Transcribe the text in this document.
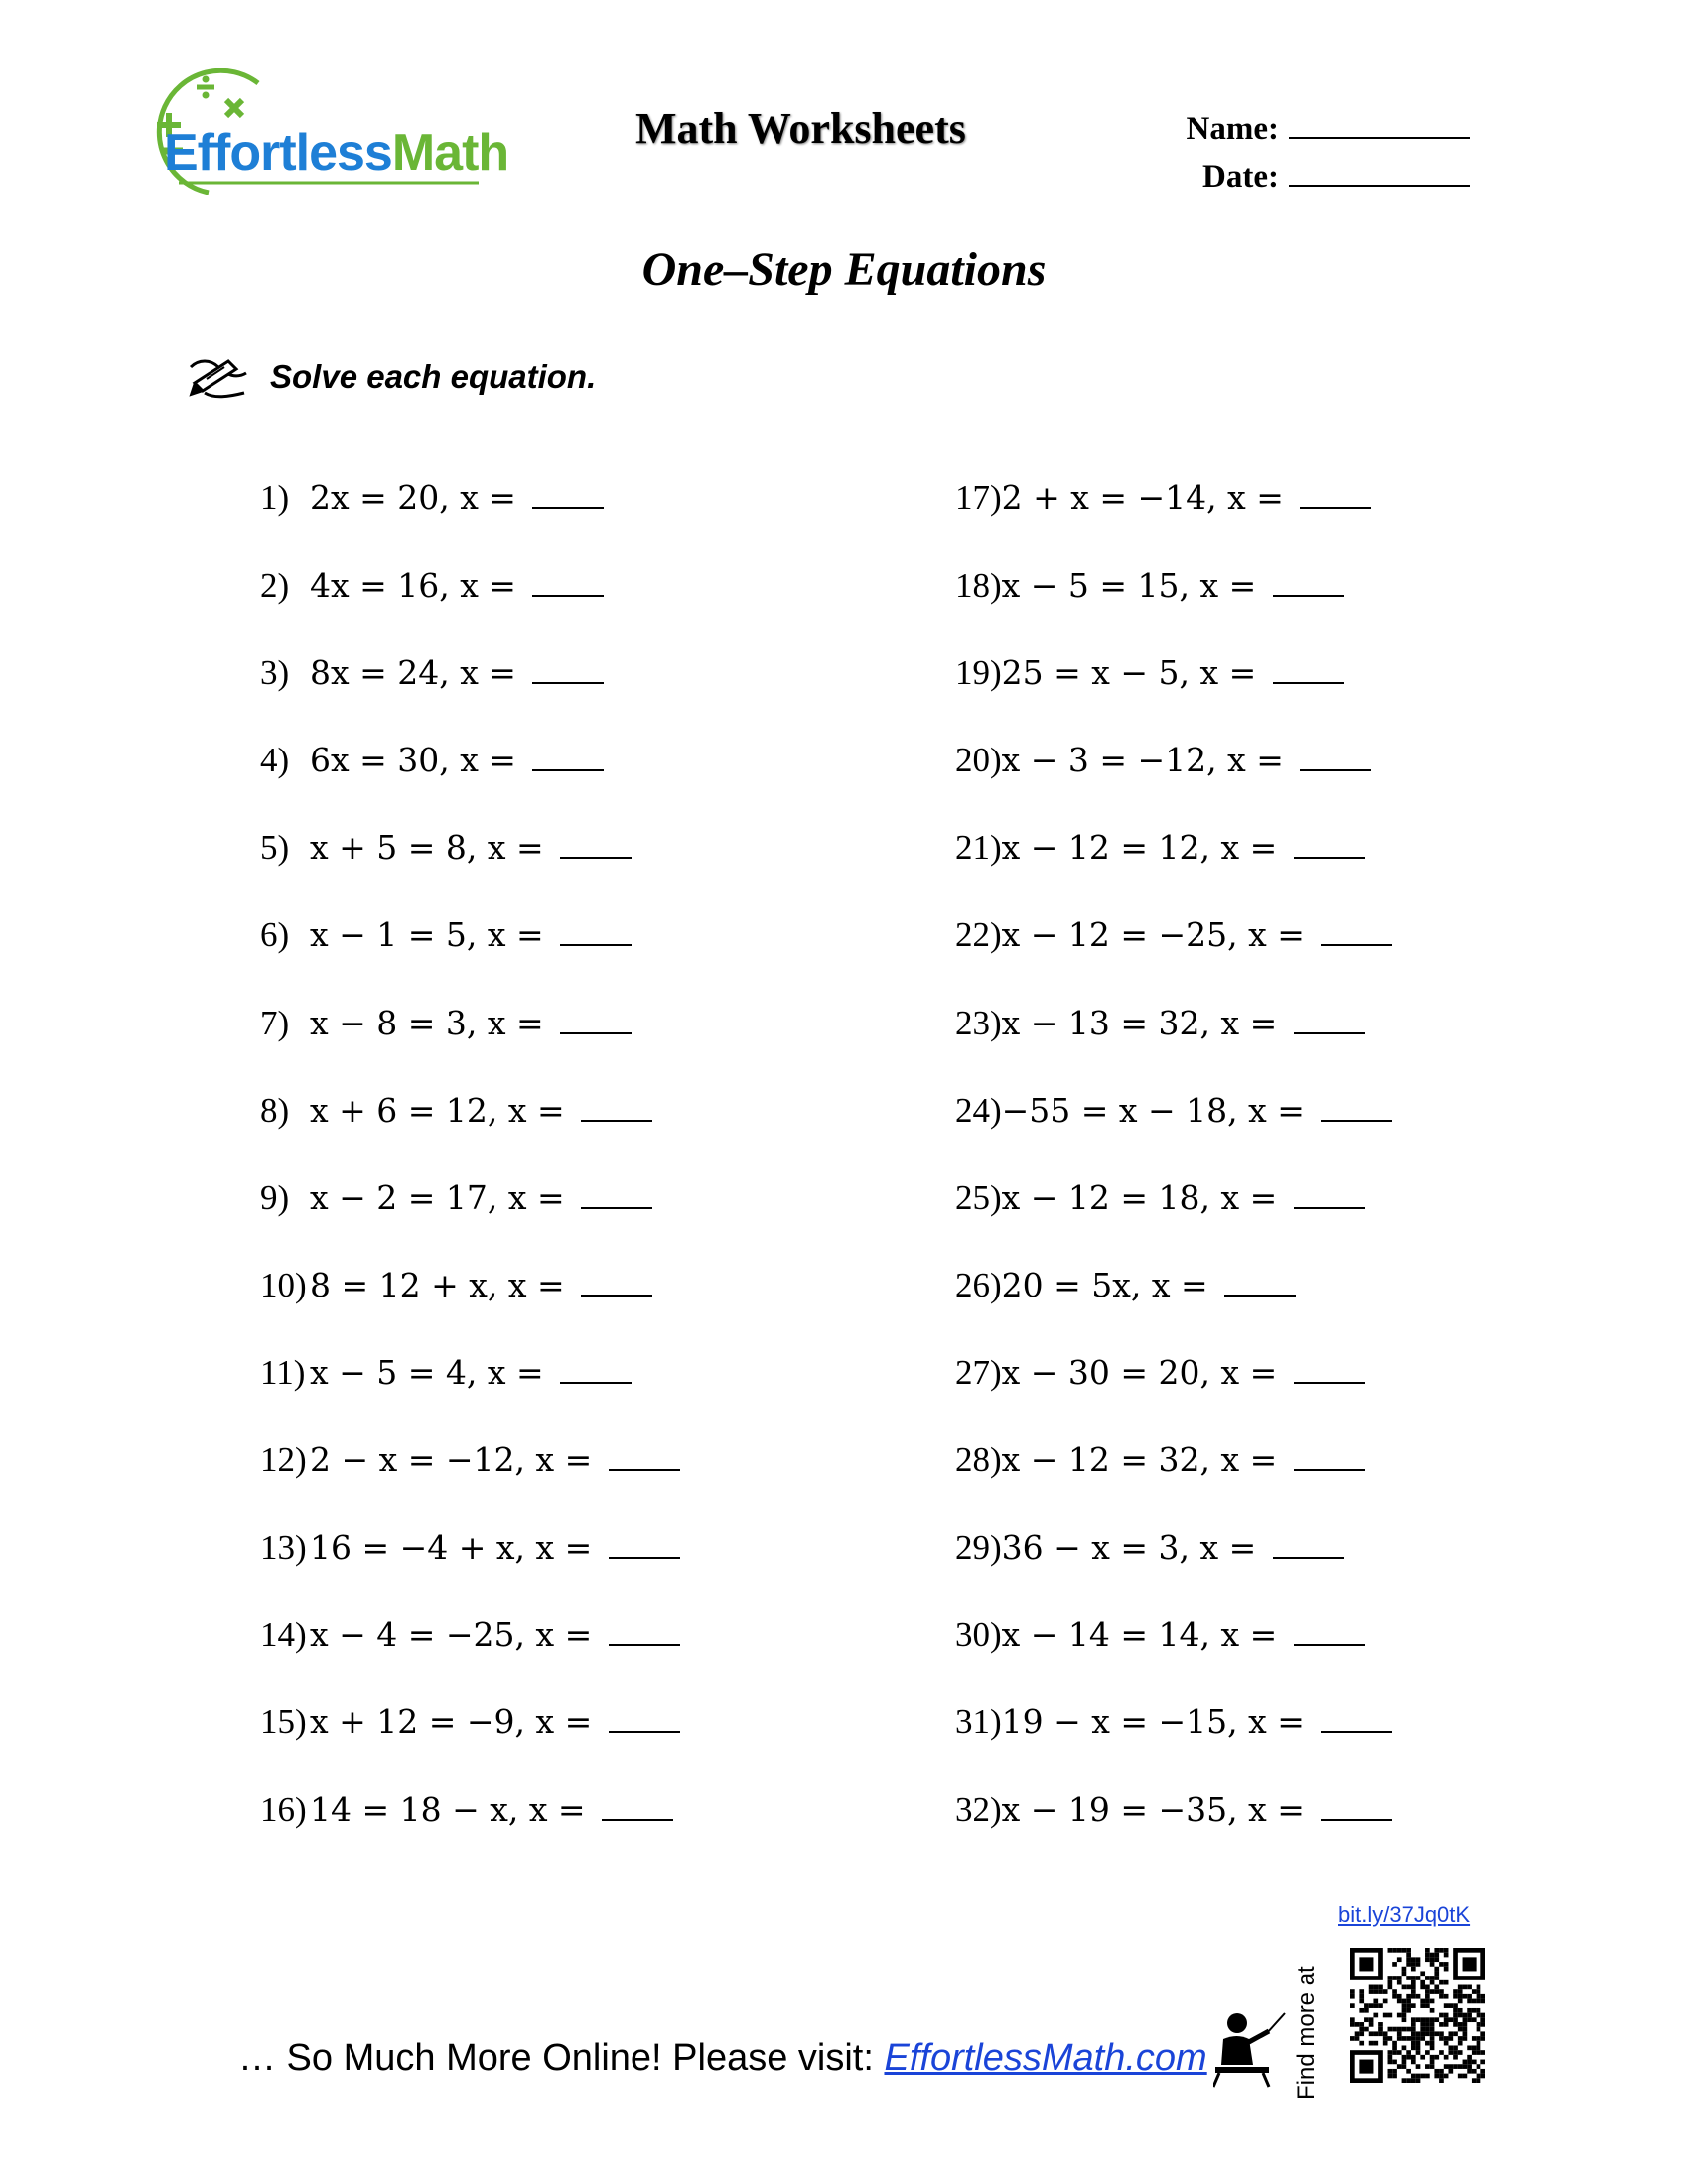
EffortlessMath	Math Worksheets	Name:
Date:
One–Step Equations
Solve each equation.
1) 2x = 20, x =
2) 4x = 16, x =
3) 8x = 24, x =
4) 6x = 30, x =
5) x + 5 = 8, x =
6) x − 1 = 5, x =
7) x − 8 = 3, x =
8) x + 6 = 12, x =
9) x − 2 = 17, x =
10) 8 = 12 + x, x =
11) x − 5 = 4, x =
12) 2 − x = −12, x =
13) 16 = −4 + x, x =
14) x − 4 = −25, x =
15) x + 12 = −9, x =
16) 14 = 18 − x, x =
17)2 + x = −14, x =
18)x − 5 = 15, x =
19)25 = x − 5, x =
20)x − 3 = −12, x =
21)x − 12 = 12, x =
22)x − 12 = −25, x =
23)x − 13 = 32, x =
24)−55 = x − 18, x =
25)x − 12 = 18, x =
26)20 = 5x, x =
27)x − 30 = 20, x =
28)x − 12 = 32, x =
29)36 − x = 3, x =
30)x − 14 = 14, x =
31)19 − x = −15, x =
32)x − 19 = −35, x =
bit.ly/37Jq0tK
Find more at
… So Much More Online! Please visit: EffortlessMath.com
